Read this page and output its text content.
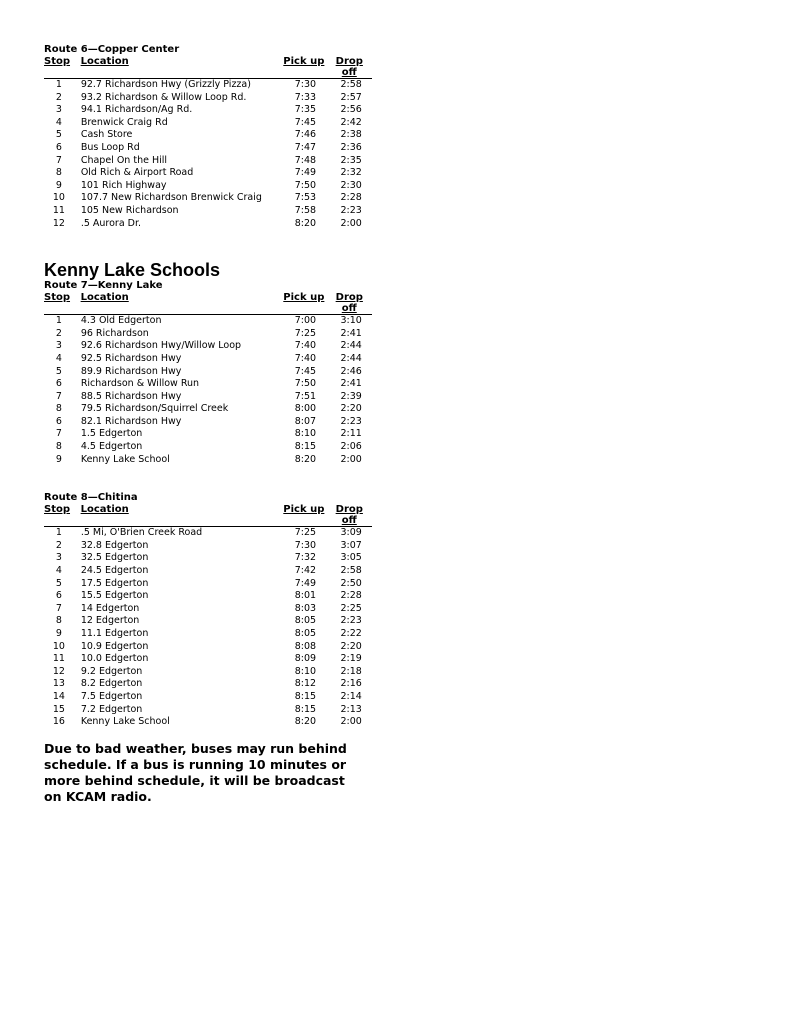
Route 6—Copper Center
Stop	Location	Pick up	Drop off
1	92.7 Richardson Hwy (Grizzly Pizza)	7:30	2:58
2	93.2 Richardson & Willow Loop Rd.	7:33	2:57
3	94.1 Richardson/Ag Rd.	7:35	2:56
4	Brenwick Craig Rd	7:45	2:42
5	Cash Store	7:46	2:38
6	Bus Loop Rd	7:47	2:36
7	Chapel On the Hill	7:48	2:35
8	Old Rich & Airport Road	7:49	2:32
9	101 Rich Highway	7:50	2:30
10	107.7 New Richardson Brenwick Craig	7:53	2:28
11	105 New Richardson	7:58	2:23
12	.5 Aurora Dr.	8:20	2:00
Kenny Lake Schools
Route 7—Kenny Lake
Stop	Location	Pick up	Drop off
1	4.3 Old Edgerton	7:00	3:10
2	96 Richardson	7:25	2:41
3	92.6 Richardson Hwy/Willow Loop	7:40	2:44
4	92.5 Richardson Hwy	7:40	2:44
5	89.9 Richardson Hwy	7:45	2:46
6	Richardson & Willow Run	7:50	2:41
7	88.5 Richardson Hwy	7:51	2:39
8	79.5 Richardson/Squirrel Creek	8:00	2:20
6	82.1 Richardson Hwy	8:07	2:23
7	1.5 Edgerton	8:10	2:11
8	4.5 Edgerton	8:15	2:06
9	Kenny Lake School	8:20	2:00
Route 8—Chitina
Stop	Location	Pick up	Drop off
1	.5 Mi, O'Brien Creek Road	7:25	3:09
2	32.8 Edgerton	7:30	3:07
3	32.5 Edgerton	7:32	3:05
4	24.5 Edgerton	7:42	2:58
5	17.5 Edgerton	7:49	2:50
6	15.5 Edgerton	8:01	2:28
7	14 Edgerton	8:03	2:25
8	12 Edgerton	8:05	2:23
9	11.1 Edgerton	8:05	2:22
10	10.9 Edgerton	8:08	2:20
11	10.0 Edgerton	8:09	2:19
12	9.2 Edgerton	8:10	2:18
13	8.2 Edgerton	8:12	2:16
14	7.5 Edgerton	8:15	2:14
15	7.2 Edgerton	8:15	2:13
16	Kenny Lake School	8:20	2:00

Due to bad weather, buses may run behind schedule. If a bus is running 10 minutes or more behind schedule, it will be broadcast on KCAM radio.
